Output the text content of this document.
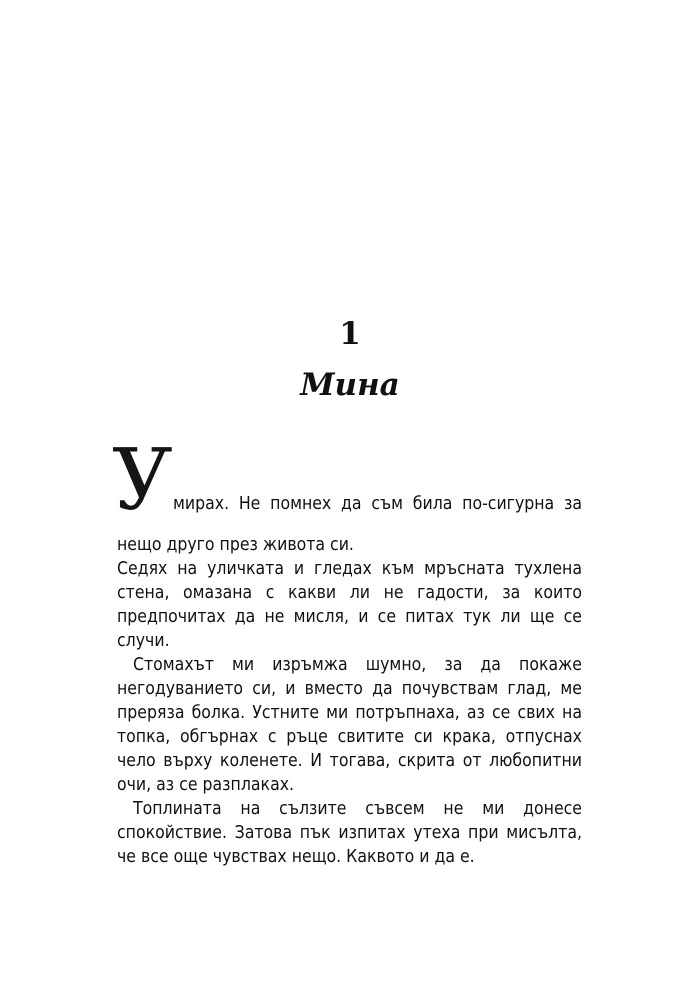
1
Мина
У мирах. Не помнех да съм била по-сигурна за
нещо друго през живота си.
Седях на уличката и гледах към мръсната тухлена
стена, омазана с какви ли не гадости, за които
предпочитах да не мисля, и се питах тук ли ще се
случи.
Стомахът ми изръмжа шумно, за да покаже
негодуванието си, и вместо да почувствам глад, ме
прерязa болка. Устните ми потръпнаха, аз се свих на
топка, обгърнах с ръце свитите си крака, отпуснах
чело върху коленете. И тогава, скрита от любопитни
очи, аз се разплаках.
Топлината на сълзите съвсем не ми донесе
спокойствие. Затова пък изпитах утеха при мисълта,
че все още чувствах нещо. Каквото и да е.
